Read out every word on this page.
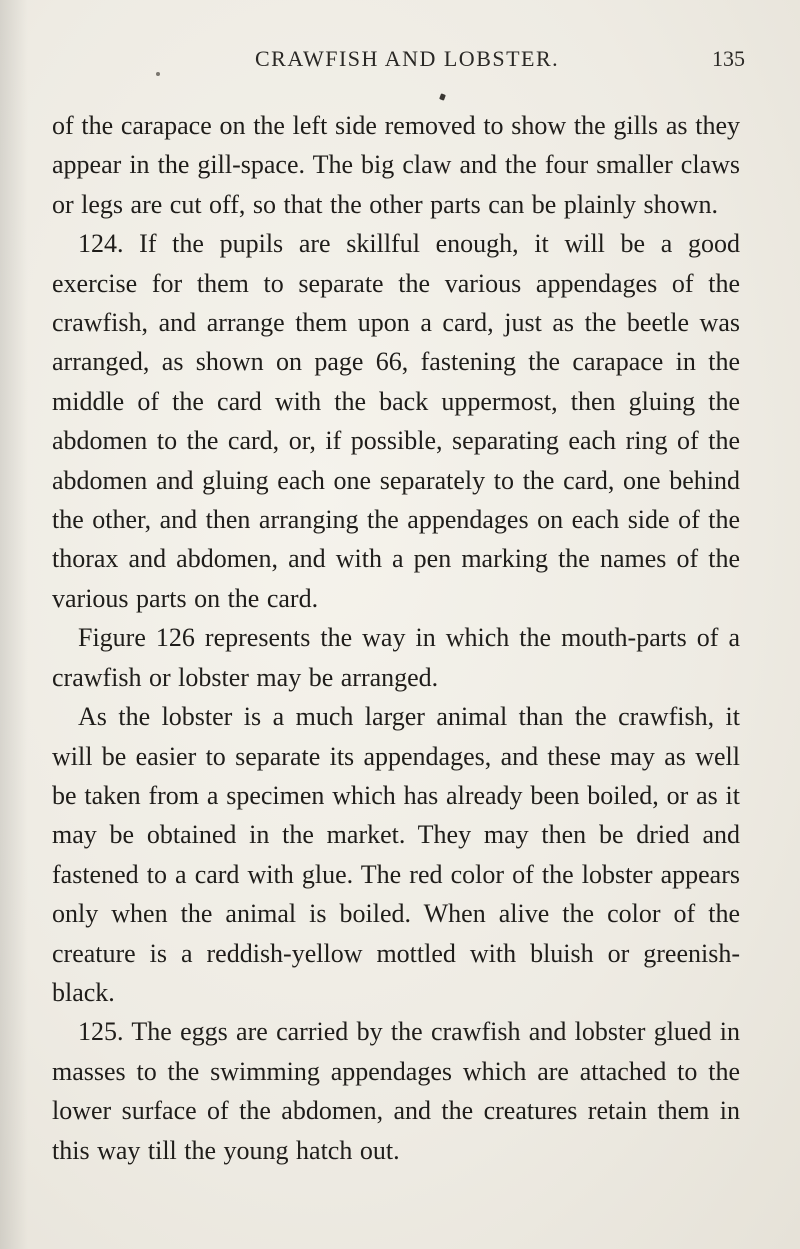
CRAWFISH AND LOBSTER.	135

of the carapace on the left side removed to show the gills as they appear in the gill-space. The big claw and the four smaller claws or legs are cut off, so that the other parts can be plainly shown.

124. If the pupils are skillful enough, it will be a good exercise for them to separate the various appendages of the crawfish, and arrange them upon a card, just as the beetle was arranged, as shown on page 66, fastening the carapace in the middle of the card with the back uppermost, then gluing the abdomen to the card, or, if possible, separating each ring of the abdomen and gluing each one separately to the card, one behind the other, and then arranging the appendages on each side of the thorax and abdomen, and with a pen marking the names of the various parts on the card.

Figure 126 represents the way in which the mouth-parts of a crawfish or lobster may be arranged.

As the lobster is a much larger animal than the crawfish, it will be easier to separate its appendages, and these may as well be taken from a specimen which has already been boiled, or as it may be obtained in the market. They may then be dried and fastened to a card with glue. The red color of the lobster appears only when the animal is boiled. When alive the color of the creature is a reddish-yellow mottled with bluish or greenish-black.

125. The eggs are carried by the crawfish and lobster glued in masses to the swimming appendages which are attached to the lower surface of the abdomen, and the creatures retain them in this way till the young hatch out.
